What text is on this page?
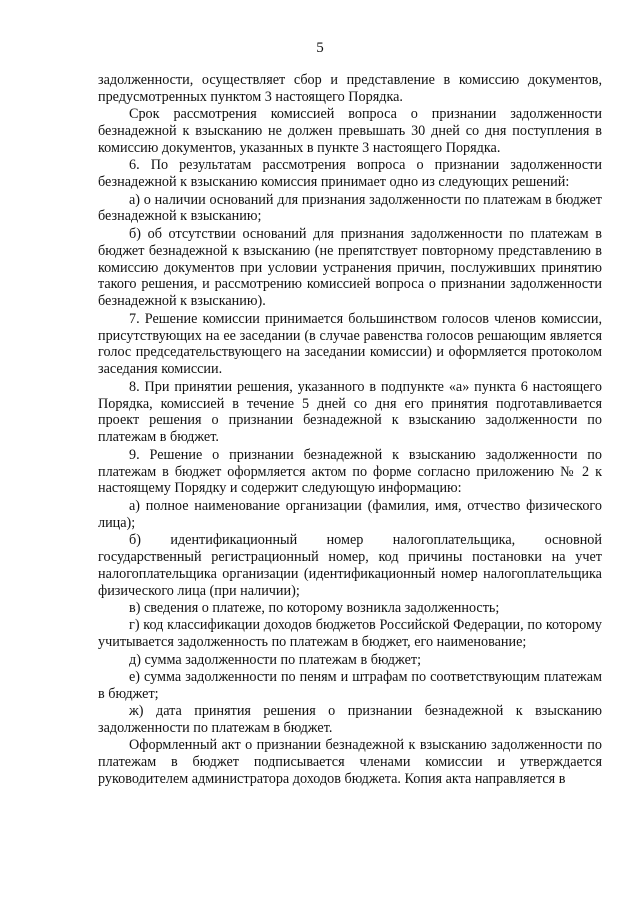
5

задолженности, осуществляет сбор и представление в комиссию документов, предусмотренных пунктом 3 настоящего Порядка.

Срок рассмотрения комиссией вопроса о признании задолженности безнадежной к взысканию не должен превышать 30 дней со дня поступления в комиссию документов, указанных в пункте 3 настоящего Порядка.

6. По результатам рассмотрения вопроса о признании задолженности безнадежной к взысканию комиссия принимает одно из следующих решений:

а) о наличии оснований для признания задолженности по платежам в бюджет безнадежной к взысканию;

б) об отсутствии оснований для признания задолженности по платежам в бюджет безнадежной к взысканию (не препятствует повторному представлению в комиссию документов при условии устранения причин, послуживших принятию такого решения, и рассмотрению комиссией вопроса о признании задолженности безнадежной к взысканию).

7. Решение комиссии принимается большинством голосов членов комиссии, присутствующих на ее заседании (в случае равенства голосов решающим является голос председательствующего на заседании комиссии) и оформляется протоколом заседания комиссии.

8. При принятии решения, указанного в подпункте «а» пункта 6 настоящего Порядка, комиссией в течение 5 дней со дня его принятия подготавливается проект решения о признании безнадежной к взысканию задолженности по платежам в бюджет.

9. Решение о признании безнадежной к взысканию задолженности по платежам в бюджет оформляется актом по форме согласно приложению № 2 к настоящему Порядку и содержит следующую информацию:

а) полное наименование организации (фамилия, имя, отчество физического лица);

б) идентификационный номер налогоплательщика, основной государственный регистрационный номер, код причины постановки на учет налогоплательщика организации (идентификационный номер налогоплательщика физического лица (при наличии);

в) сведения о платеже, по которому возникла задолженность;

г) код классификации доходов бюджетов Российской Федерации, по которому учитывается задолженность по платежам в бюджет, его наименование;

д) сумма задолженности по платежам в бюджет;

е) сумма задолженности по пеням и штрафам по соответствующим платежам в бюджет;

ж) дата принятия решения о признании безнадежной к взысканию задолженности по платежам в бюджет.

Оформленный акт о признании безнадежной к взысканию задолженности по платежам в бюджет подписывается членами комиссии и утверждается руководителем администратора доходов бюджета. Копия акта направляется в
